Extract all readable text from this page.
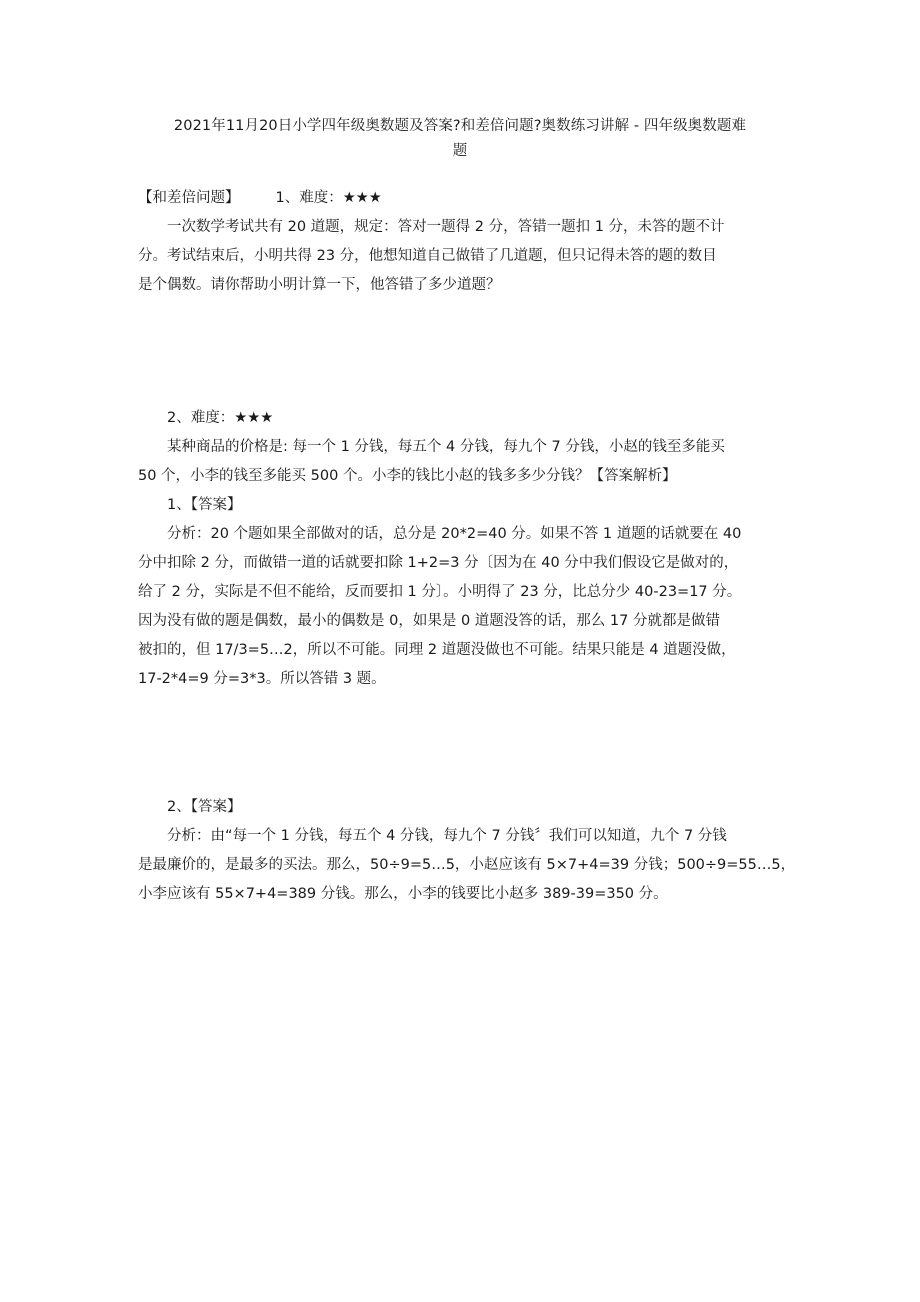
2021年11月20日小学四年级奥数题及答案?和差倍问题?奥数练习讲解 - 四年级奥数题难
题
【和差倍问题】 1、难度：★★★
一次数学考试共有 20 道题，规定：答对一题得 2 分，答错一题扣 1 分，未答的题不计
分。考试结束后，小明共得 23 分，他想知道自己做错了几道题，但只记得未答的题的数目
是个偶数。请你帮助小明计算一下，他答错了多少道题？
2、难度：★★★
某种商品的价格是: 每一个 1 分钱，每五个 4 分钱，每九个 7 分钱，小赵的钱至多能买
50 个，小李的钱至多能买 500 个。小李的钱比小赵的钱多多少分钱？【答案解析】
1、【答案】
分析：20 个题如果全部做对的话，总分是 20*2=40 分。如果不答 1 道题的话就要在 40
分中扣除 2 分，而做错一道的话就要扣除 1+2=3 分〔因为在 40 分中我们假设它是做对的，
给了 2 分，实际是不但不能给，反而要扣 1 分〕。小明得了 23 分，比总分少 40-23=17 分。
因为没有做的题是偶数，最小的偶数是 0，如果是 0 道题没答的话，那么 17 分就都是做错
被扣的，但 17/3=5…2，所以不可能。同理 2 道题没做也不可能。结果只能是 4 道题没做，
17-2*4=9 分=3*3。所以答错 3 题。
2、【答案】
分析：由“每一个 1 分钱，每五个 4 分钱，每九个 7 分钱〞我们可以知道，九个 7 分钱
是最廉价的，是最多的买法。那么，50÷9=5…5，小赵应该有 5×7+4=39 分钱；500÷9=55…5，
小李应该有 55×7+4=389 分钱。那么，小李的钱要比小赵多 389-39=350 分。
